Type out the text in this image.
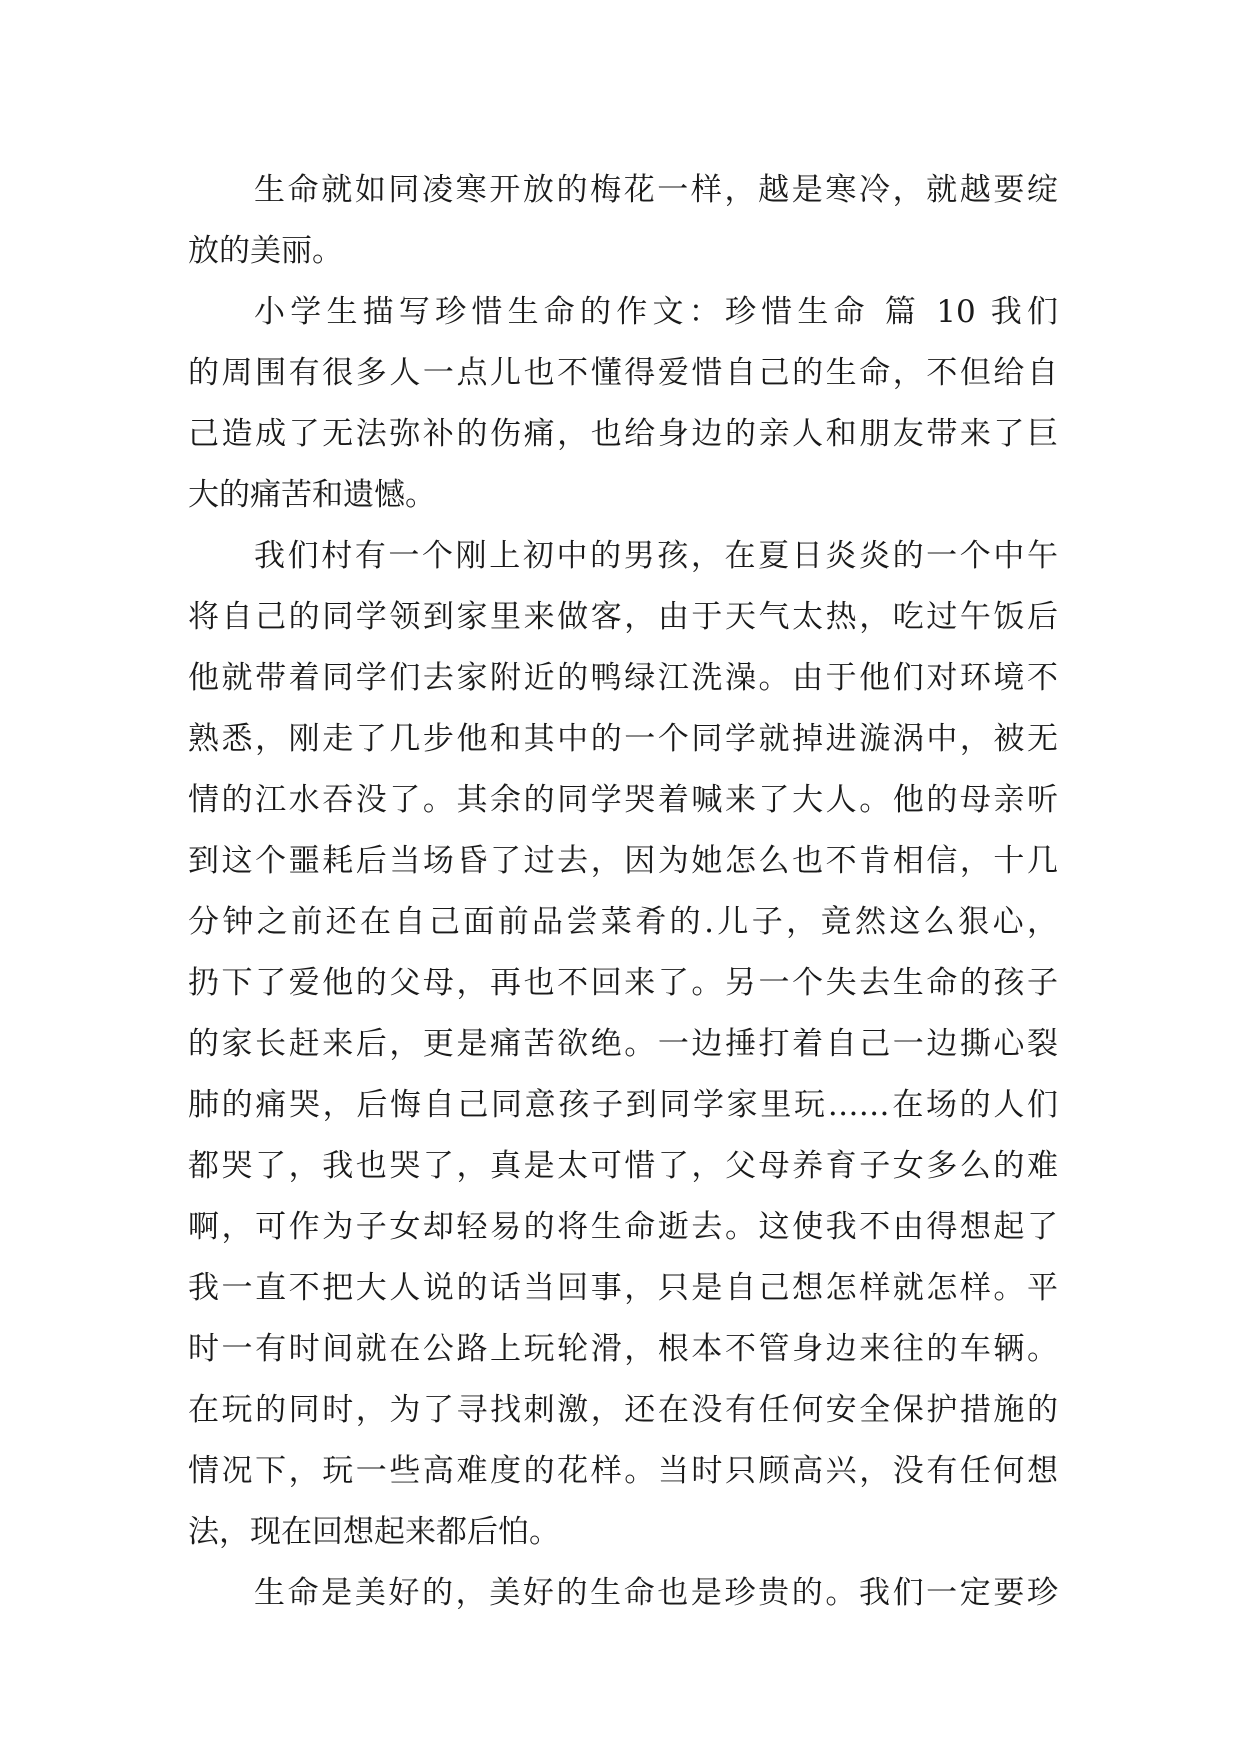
生命就如同凌寒开放的梅花一样，越是寒冷，就越要绽
放的美丽。
小学生描写珍惜生命的作文：珍惜生命 篇 10 我们
的周围有很多人一点儿也不懂得爱惜自己的生命，不但给自
己造成了无法弥补的伤痛，也给身边的亲人和朋友带来了巨
大的痛苦和遗憾。
我们村有一个刚上初中的男孩，在夏日炎炎的一个中午
将自己的同学领到家里来做客，由于天气太热，吃过午饭后
他就带着同学们去家附近的鸭绿江洗澡。由于他们对环境不
熟悉，刚走了几步他和其中的一个同学就掉进漩涡中，被无
情的江水吞没了。其余的同学哭着喊来了大人。他的母亲听
到这个噩耗后当场昏了过去，因为她怎么也不肯相信，十几
分钟之前还在自己面前品尝菜肴的.儿子，竟然这么狠心，
扔下了爱他的父母，再也不回来了。另一个失去生命的孩子
的家长赶来后，更是痛苦欲绝。一边捶打着自己一边撕心裂
肺的痛哭，后悔自己同意孩子到同学家里玩……在场的人们
都哭了，我也哭了，真是太可惜了，父母养育子女多么的难
啊，可作为子女却轻易的将生命逝去。这使我不由得想起了
我一直不把大人说的话当回事，只是自己想怎样就怎样。平
时一有时间就在公路上玩轮滑，根本不管身边来往的车辆。
在玩的同时，为了寻找刺激，还在没有任何安全保护措施的
情况下，玩一些高难度的花样。当时只顾高兴，没有任何想
法，现在回想起来都后怕。
生命是美好的，美好的生命也是珍贵的。我们一定要珍
